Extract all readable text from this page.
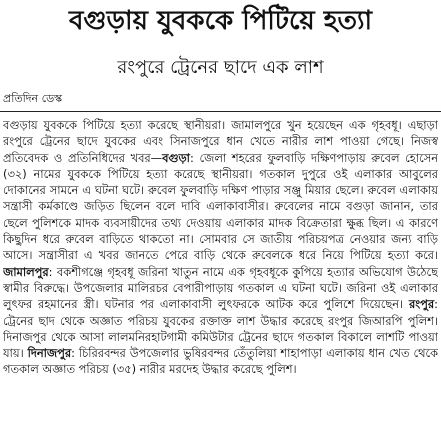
বগুড়ায় যুবককে পিটিয়ে হত্যা
রংপুরে ট্রেনের ছাদে এক লাশ
প্রতিদিন ডেস্ক
বগুড়ায় যুবককে পিটিয়ে হত্যা করেছে স্থানীয়রা। জামালপুরে খুন হয়েছেন এক গৃহবধূ। এছাড়া রংপুরে ট্রেনের ছাদে যুবকের এবং সিনাজপুরে ধান খেতে নারীর লাশ পাওয়া গেছে। নিজস্ব প্রতিবেদক ও প্রতিনিধিদের খবর—বগুড়া: জেলা শহরের ফুলবাড়ি দক্ষিণপাড়ায় রুবেল হোসেন (৩২) নামের যুবককে পিটিয়ে হত্যা করেছে স্থানীয়রা। গতকাল দুপুরে ওই এলাকার আবুলের দোকানের সামনে এ ঘটনা ঘটে। রুবেল ফুলবাড়ি দক্ষিণ পাড়ার সঞ্জু মিয়ার ছেলে। রুবেল এলাকায় সন্ত্রাসী কর্মকাণ্ডে জড়িত ছিলেন বলে দাবি এলাকাবাসীর। রুবেলের নামে বগুড়া জানান, তার ছেলে পুলিশকে মাদক ব্যবসায়ীদের তথ্য দেওয়ায় এলাকার মাদক বিক্রেতারা ক্ষুব্ধ ছিল। এ কারণে কিছুদিন ধরে রুবেল বাড়িতে থাকতো না। সোমবার সে জাতীয় পরিচয়পত্র নেওয়ার জন্য বাড়ি আসে। সন্ত্রাসীরা এ খবর জানতে পেরে বাড়ি থেকে রুবেলকে ধরে নিয়ে পিটিয়ে হত্যা করে। জামালপুর: বকশীগঞ্জে গৃহবধূ জরিনা খাতুন নামে এক গৃহবধূকে কুপিয়ে হত্যার অভিযোগ উঠেছে স্বামীর বিরুদ্ধে। উপজেলার মালিরচর বেপারীপাড়ায় গতকাল এ ঘটনা ঘটে। জরিনা ওই এলাকার লুৎফর রহমানের স্ত্রী। ঘটনার পর এলাকাবাসী লুৎফরকে আটক করে পুলিশে দিয়েছেন। রংপুর: ট্রেনের ছাদ থেকে অজ্ঞাত পরিচয় যুবকের রক্তাক্ত লাশ উদ্ধার করেছে রংপুর জিআরপি পুলিশ। দিনাজপুর থেকে আসা লালমনিরহাটগামী কমিউটার ট্রেনের ছাদে গতকাল বিকালে লাশটি পাওয়া যায়। দিনাজপুর: চিরিরবন্দর উপজেলার ভুষিরবন্দর তেঁতুলিয়া শাহাপাড়া এলাকায় ধান খেত থেকে গতকাল অজ্ঞাত পরিচয় (৩৫) নারীর মরদেহ উদ্ধার করেছে পুলিশ।
